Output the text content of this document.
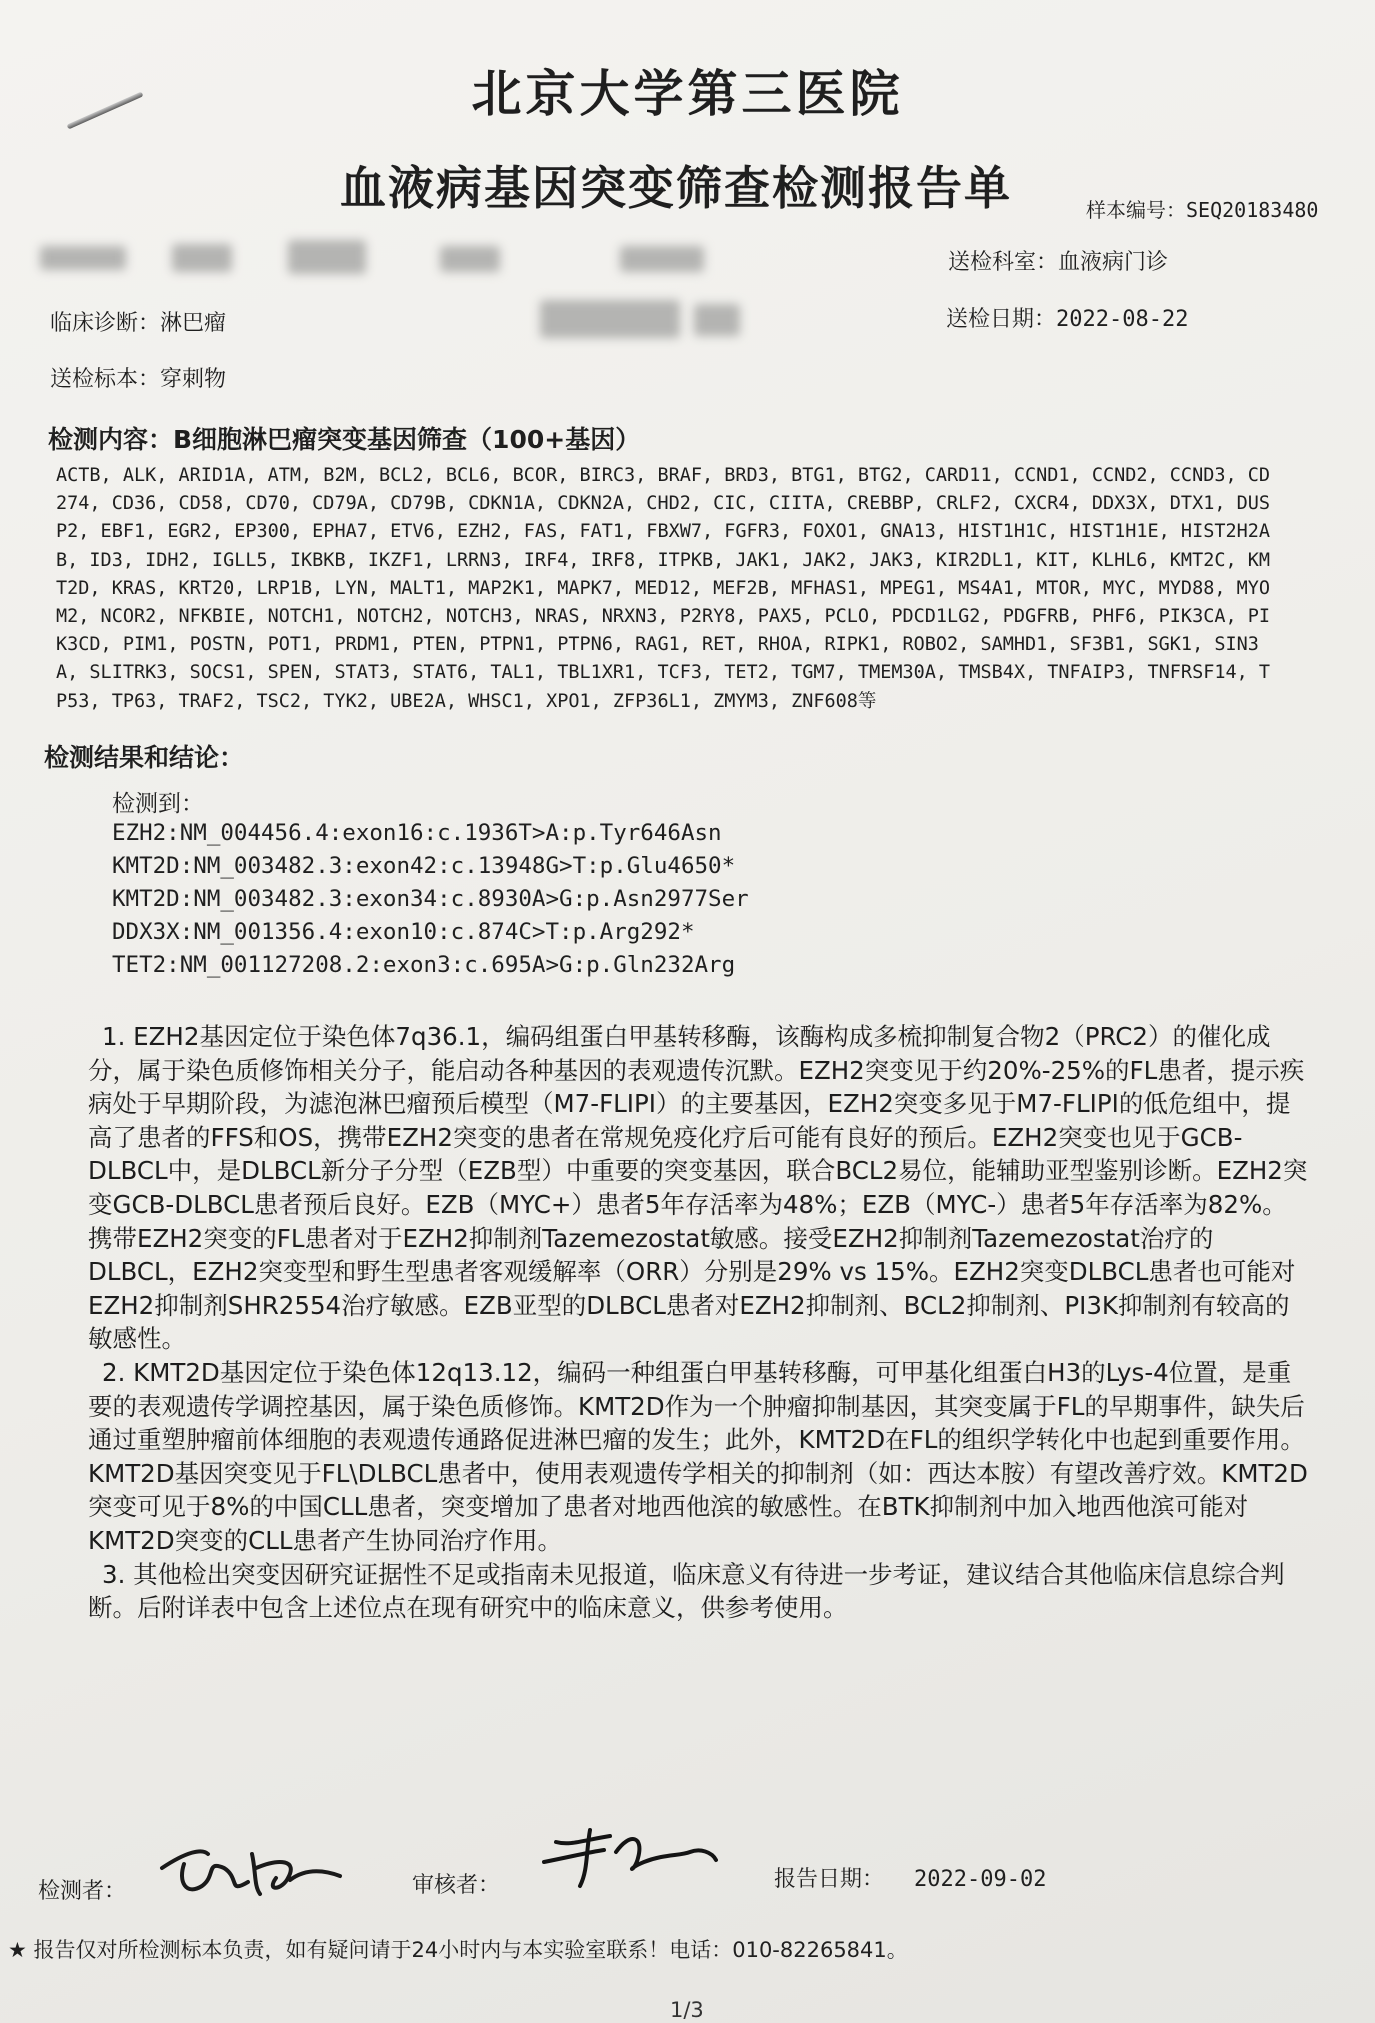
北京大学第三医院
血液病基因突变筛查检测报告单	样本编号：SEQ20183480
送检科室：血液病门诊
临床诊断：淋巴瘤	送检日期：2022-08-22
送检标本：穿刺物
检测内容：B细胞淋巴瘤突变基因筛查（100+基因）
ACTB, ALK, ARID1A, ATM, B2M, BCL2, BCL6, BCOR, BIRC3, BRAF, BRD3, BTG1, BTG2, CARD11, CCND1, CCND2, CCND3, CD274, CD36, CD58, CD70, CD79A, CD79B, CDKN1A, CDKN2A, CHD2, CIC, CIITA, CREBBP, CRLF2, CXCR4, DDX3X, DTX1, DUSP2, EBF1, EGR2, EP300, EPHA7, ETV6, EZH2, FAS, FAT1, FBXW7, FGFR3, FOXO1, GNA13, HIST1H1C, HIST1H1E, HIST2H2AB, ID3, IDH2, IGLL5, IKBKB, IKZF1, LRRN3, IRF4, IRF8, ITPKB, JAK1, JAK2, JAK3, KIR2DL1, KIT, KLHL6, KMT2C, KMT2D, KRAS, KRT20, LRP1B, LYN, MALT1, MAP2K1, MAPK7, MED12, MEF2B, MFHAS1, MPEG1, MS4A1, MTOR, MYC, MYD88, MYOM2, NCOR2, NFKBIE, NOTCH1, NOTCH2, NOTCH3, NRAS, NRXN3, P2RY8, PAX5, PCLO, PDCD1LG2, PDGFRB, PHF6, PIK3CA, PIK3CD, PIM1, POSTN, POT1, PRDM1, PTEN, PTPN1, PTPN6, RAG1, RET, RHOA, RIPK1, ROBO2, SAMHD1, SF3B1, SGK1, SIN3A, SLITRK3, SOCS1, SPEN, STAT3, STAT6, TAL1, TBL1XR1, TCF3, TET2, TGM7, TMEM30A, TMSB4X, TNFAIP3, TNFRSF14, TP53, TP63, TRAF2, TSC2, TYK2, UBE2A, WHSC1, XPO1, ZFP36L1, ZMYM3, ZNF608等
检测结果和结论：
检测到：
EZH2:NM_004456.4:exon16:c.1936T>A:p.Tyr646Asn
KMT2D:NM_003482.3:exon42:c.13948G>T:p.Glu4650*
KMT2D:NM_003482.3:exon34:c.8930A>G:p.Asn2977Ser
DDX3X:NM_001356.4:exon10:c.874C>T:p.Arg292*
TET2:NM_001127208.2:exon3:c.695A>G:p.Gln232Arg

1. EZH2基因定位于染色体7q36.1，编码组蛋白甲基转移酶，该酶构成多梳抑制复合物2（PRC2）的催化成分，属于染色质修饰相关分子，能启动各种基因的表观遗传沉默。EZH2突变见于约20%-25%的FL患者，提示疾病处于早期阶段，为滤泡淋巴瘤预后模型（M7-FLIPI）的主要基因，EZH2突变多见于M7-FLIPI的低危组中，提高了患者的FFS和OS，携带EZH2突变的患者在常规免疫化疗后可能有良好的预后。EZH2突变也见于GCB-DLBCL中，是DLBCL新分子分型（EZB型）中重要的突变基因，联合BCL2易位，能辅助亚型鉴别诊断。EZH2突变GCB-DLBCL患者预后良好。EZB（MYC+）患者5年存活率为48%；EZB（MYC-）患者5年存活率为82%。携带EZH2突变的FL患者对于EZH2抑制剂Tazemezostat敏感。接受EZH2抑制剂Tazemezostat治疗的DLBCL，EZH2突变型和野生型患者客观缓解率（ORR）分别是29% vs 15%。EZH2突变DLBCL患者也可能对EZH2抑制剂SHR2554治疗敏感。EZB亚型的DLBCL患者对EZH2抑制剂、BCL2抑制剂、PI3K抑制剂有较高的敏感性。

2. KMT2D基因定位于染色体12q13.12，编码一种组蛋白甲基转移酶，可甲基化组蛋白H3的Lys-4位置，是重要的表观遗传学调控基因，属于染色质修饰。KMT2D作为一个肿瘤抑制基因，其突变属于FL的早期事件，缺失后通过重塑肿瘤前体细胞的表观遗传通路促进淋巴瘤的发生；此外，KMT2D在FL的组织学转化中也起到重要作用。KMT2D基因突变见于FL\DLBCL患者中，使用表观遗传学相关的抑制剂（如：西达本胺）有望改善疗效。KMT2D突变可见于8%的中国CLL患者，突变增加了患者对地西他滨的敏感性。在BTK抑制剂中加入地西他滨可能对KMT2D突变的CLL患者产生协同治疗作用。

3. 其他检出突变因研究证据性不足或指南未见报道，临床意义有待进一步考证，建议结合其他临床信息综合判断。后附详表中包含上述位点在现有研究中的临床意义，供参考使用。

检测者：	审核者：	报告日期： 2022-09-02
★ 报告仅对所检测标本负责，如有疑问请于24小时内与本实验室联系！电话：010-82265841。
1/3
